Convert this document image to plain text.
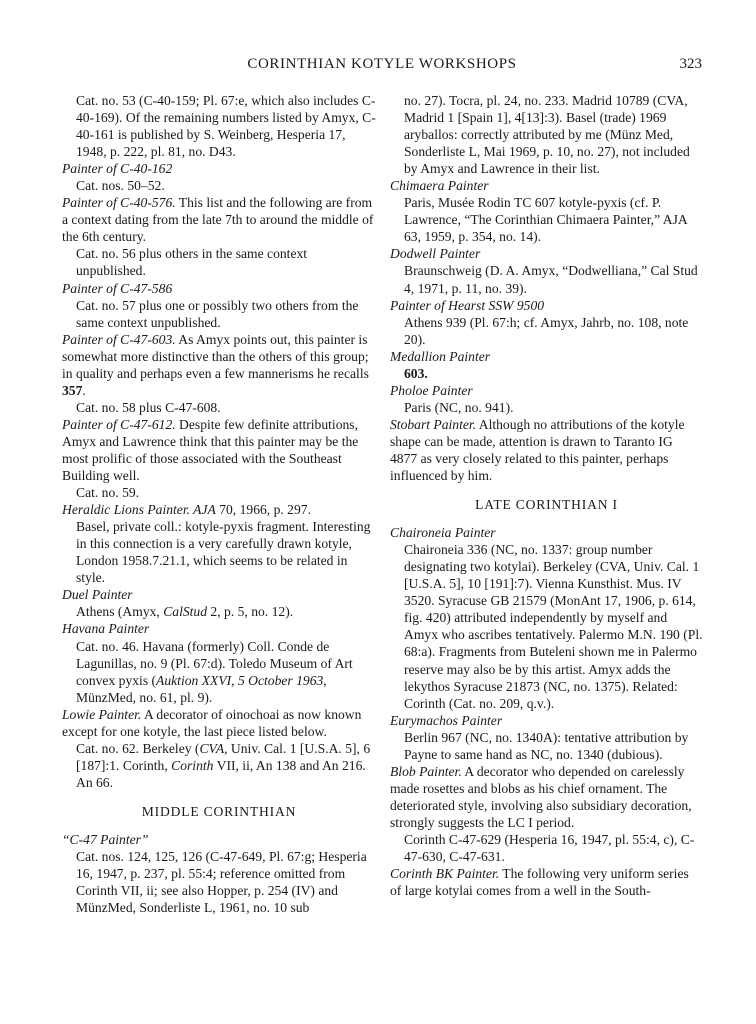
CORINTHIAN KOTYLE WORKSHOPS	323

Cat. no. 53 (C-40-159; Pl. 67:e, which also includes C-40-169). Of the remaining numbers listed by Amyx, C-40-161 is published by S. Weinberg, Hesperia 17, 1948, p. 222, pl. 81, no. D43.

Painter of C-40-162

Cat. nos. 50–52.

Painter of C-40-576. This list and the following are from a context dating from the late 7th to around the middle of the 6th century.

Cat. no. 56 plus others in the same context unpublished.

Painter of C-47-586

Cat. no. 57 plus one or possibly two others from the same context unpublished.

Painter of C-47-603. As Amyx points out, this painter is somewhat more distinctive than the others of this group; in quality and perhaps even a few mannerisms he recalls 357.

Cat. no. 58 plus C-47-608.

Painter of C-47-612. Despite few definite attributions, Amyx and Lawrence think that this painter may be the most prolific of those associated with the Southeast Building well.

Cat. no. 59.

Heraldic Lions Painter. AJA 70, 1966, p. 297.

Basel, private coll.: kotyle-pyxis fragment. Interesting in this connection is a very carefully drawn kotyle, London 1958.7.21.1, which seems to be related in style.

Duel Painter

Athens (Amyx, CalStud 2, p. 5, no. 12).

Havana Painter

Cat. no. 46. Havana (formerly) Coll. Conde de Lagunillas, no. 9 (Pl. 67:d). Toledo Museum of Art convex pyxis (Auktion XXVI, 5 October 1963, MünzMed, no. 61, pl. 9).

Lowie Painter. A decorator of oinochoai as now known except for one kotyle, the last piece listed below.

Cat. no. 62. Berkeley (CVA, Univ. Cal. 1 [U.S.A. 5], 6 [187]:1. Corinth, Corinth VII, ii, An 138 and An 216. An 66.

MIDDLE CORINTHIAN

“C-47 Painter”

Cat. nos. 124, 125, 126 (C-47-649, Pl. 67:g; Hesperia 16, 1947, p. 237, pl. 55:4; reference omitted from Corinth VII, ii; see also Hopper, p. 254 (IV) and MünzMed, Sonderliste L, 1961, no. 10 sub

no. 27). Tocra, pl. 24, no. 233. Madrid 10789 (CVA, Madrid 1 [Spain 1], 4[13]:3). Basel (trade) 1969 aryballos: correctly attributed by me (Münz Med, Sonderliste L, Mai 1969, p. 10, no. 27), not included by Amyx and Lawrence in their list.

Chimaera Painter

Paris, Musée Rodin TC 607 kotyle-pyxis (cf. P. Lawrence, “The Corinthian Chimaera Painter,” AJA 63, 1959, p. 354, no. 14).

Dodwell Painter

Braunschweig (D. A. Amyx, “Dodwelliana,” Cal Stud 4, 1971, p. 11, no. 39).

Painter of Hearst SSW 9500

Athens 939 (Pl. 67:h; cf. Amyx, Jahrb, no. 108, note 20).

Medallion Painter

603.

Pholoe Painter

Paris (NC, no. 941).

Stobart Painter. Although no attributions of the kotyle shape can be made, attention is drawn to Taranto IG 4877 as very closely related to this painter, perhaps influenced by him.

LATE CORINTHIAN I

Chaironeia Painter

Chaironeia 336 (NC, no. 1337: group number designating two kotylai). Berkeley (CVA, Univ. Cal. 1 [U.S.A. 5], 10 [191]:7). Vienna Kunsthist. Mus. IV 3520. Syracuse GB 21579 (MonAnt 17, 1906, p. 614, fig. 420) attributed independently by myself and Amyx who ascribes tentatively. Palermo M.N. 190 (Pl. 68:a). Fragments from Buteleni shown me in Palermo reserve may also be by this artist. Amyx adds the lekythos Syracuse 21873 (NC, no. 1375). Related: Corinth (Cat. no. 209, q.v.).

Eurymachos Painter

Berlin 967 (NC, no. 1340A): tentative attribution by Payne to same hand as NC, no. 1340 (dubious).

Blob Painter. A decorator who depended on carelessly made rosettes and blobs as his chief ornament. The deteriorated style, involving also subsidiary decoration, strongly suggests the LC I period.

Corinth C-47-629 (Hesperia 16, 1947, pl. 55:4, c), C-47-630, C-47-631.

Corinth BK Painter. The following very uniform series of large kotylai comes from a well in the South-
